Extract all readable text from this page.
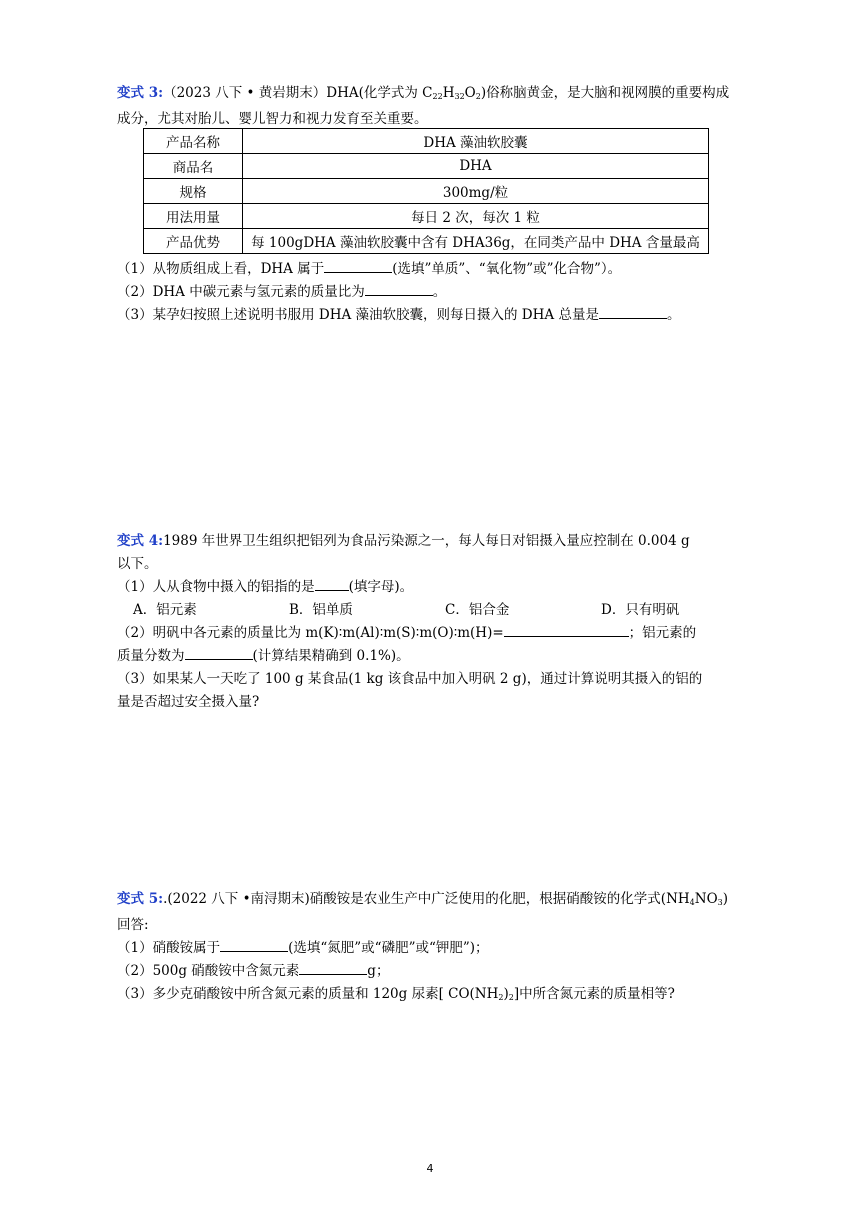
变式 3:（2023 八下 • 黄岩期末）DHA(化学式为 $C_{22}H_{32}O_2$)俗称脑黄金，是大脑和视网膜的重要构成
成分，尤其对胎儿、婴儿智力和视力发育至关重要。
产品名称	DHA 藻油软胶囊
商品名	DHA
规格	300mg/粒
用法用量	每日 2 次，每次 1 粒
产品优势	每 100gDHA 藻油软胶囊中含有 DHA36g，在同类产品中 DHA 含量最高
（1）从物质组成上看，DHA 属于	(选填”单质”、“氧化物”或”化合物”）。
（2）DHA 中碳元素与氢元素的质量比为	。
（3）某孕妇按照上述说明书服用 DHA 藻油软胶囊，则每日摄入的 DHA 总量是	。
变式 4:1989 年世界卫生组织把铝列为食品污染源之一，每人每日对铝摄入量应控制在 0.004 g
以下。
（1）人从食物中摄入的铝指的是	(填字母)。
A．铝元素	B．铝单质	C．铝合金	D．只有明矾
（2）明矾中各元素的质量比为 m(K)∶m(Al)∶m(S)∶m(O)∶m(H)=	；铝元素的
质量分数为	(计算结果精确到 0.1%)。
（3）如果某人一天吃了 100 g 某食品(1 kg 该食品中加入明矾 2 g)，通过计算说明其摄入的铝的
量是否超过安全摄入量?
变式 5:.(2022 八下 •南浔期末)硝酸铵是农业生产中广泛使用的化肥，根据硝酸铵的化学式$(NH_4NO_3)$
回答:
（1）硝酸铵属于	(选填“氮肥”或“磷肥”或“钾肥”)；
（2）500g 硝酸铵中含氮元素	g；
（3）多少克硝酸铵中所含氮元素的质量和 120g 尿素[ $CO(NH_2)_2$]中所含氮元素的质量相等?
4
